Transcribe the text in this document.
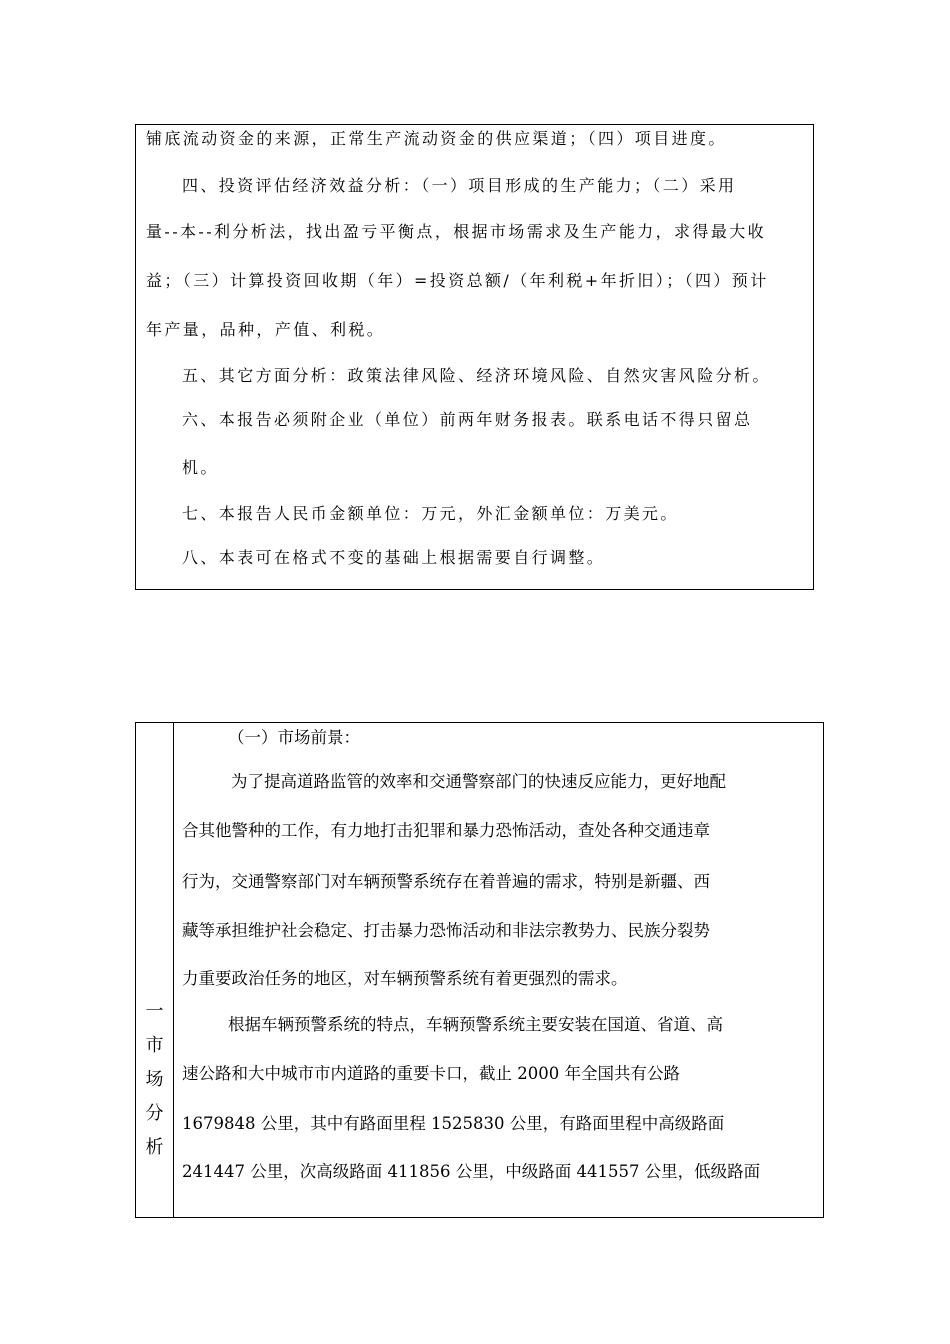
铺底流动资金的来源，正常生产流动资金的供应渠道；（四）项目进度。
四、投资评估经济效益分析：（一）项目形成的生产能力；（二）采用
量--本--利分析法，找出盈亏平衡点，根据市场需求及生产能力，求得最大收
益；（三）计算投资回收期（年）=投资总额/（年利税+年折旧）；（四）预计
年产量，品种，产值、利税。
五、其它方面分析：政策法律风险、经济环境风险、自然灾害风险分析。
六、本报告必须附企业（单位）前两年财务报表。联系电话不得只留总
机。
七、本报告人民币金额单位：万元，外汇金额单位：万美元。
八、本表可在格式不变的基础上根据需要自行调整。
一
市
场
分
析
（一）市场前景：
为了提高道路监管的效率和交通警察部门的快速反应能力，更好地配
合其他警种的工作，有力地打击犯罪和暴力恐怖活动，查处各种交通违章
行为，交通警察部门对车辆预警系统存在着普遍的需求，特别是新疆、西
藏等承担维护社会稳定、打击暴力恐怖活动和非法宗教势力、民族分裂势
力重要政治任务的地区，对车辆预警系统有着更强烈的需求。
根据车辆预警系统的特点，车辆预警系统主要安装在国道、省道、高
速公路和大中城市市内道路的重要卡口，截止 2000 年全国共有公路
1679848 公里，其中有路面里程 1525830 公里，有路面里程中高级路面
241447 公里，次高级路面 411856 公里，中级路面 441557 公里，低级路面
